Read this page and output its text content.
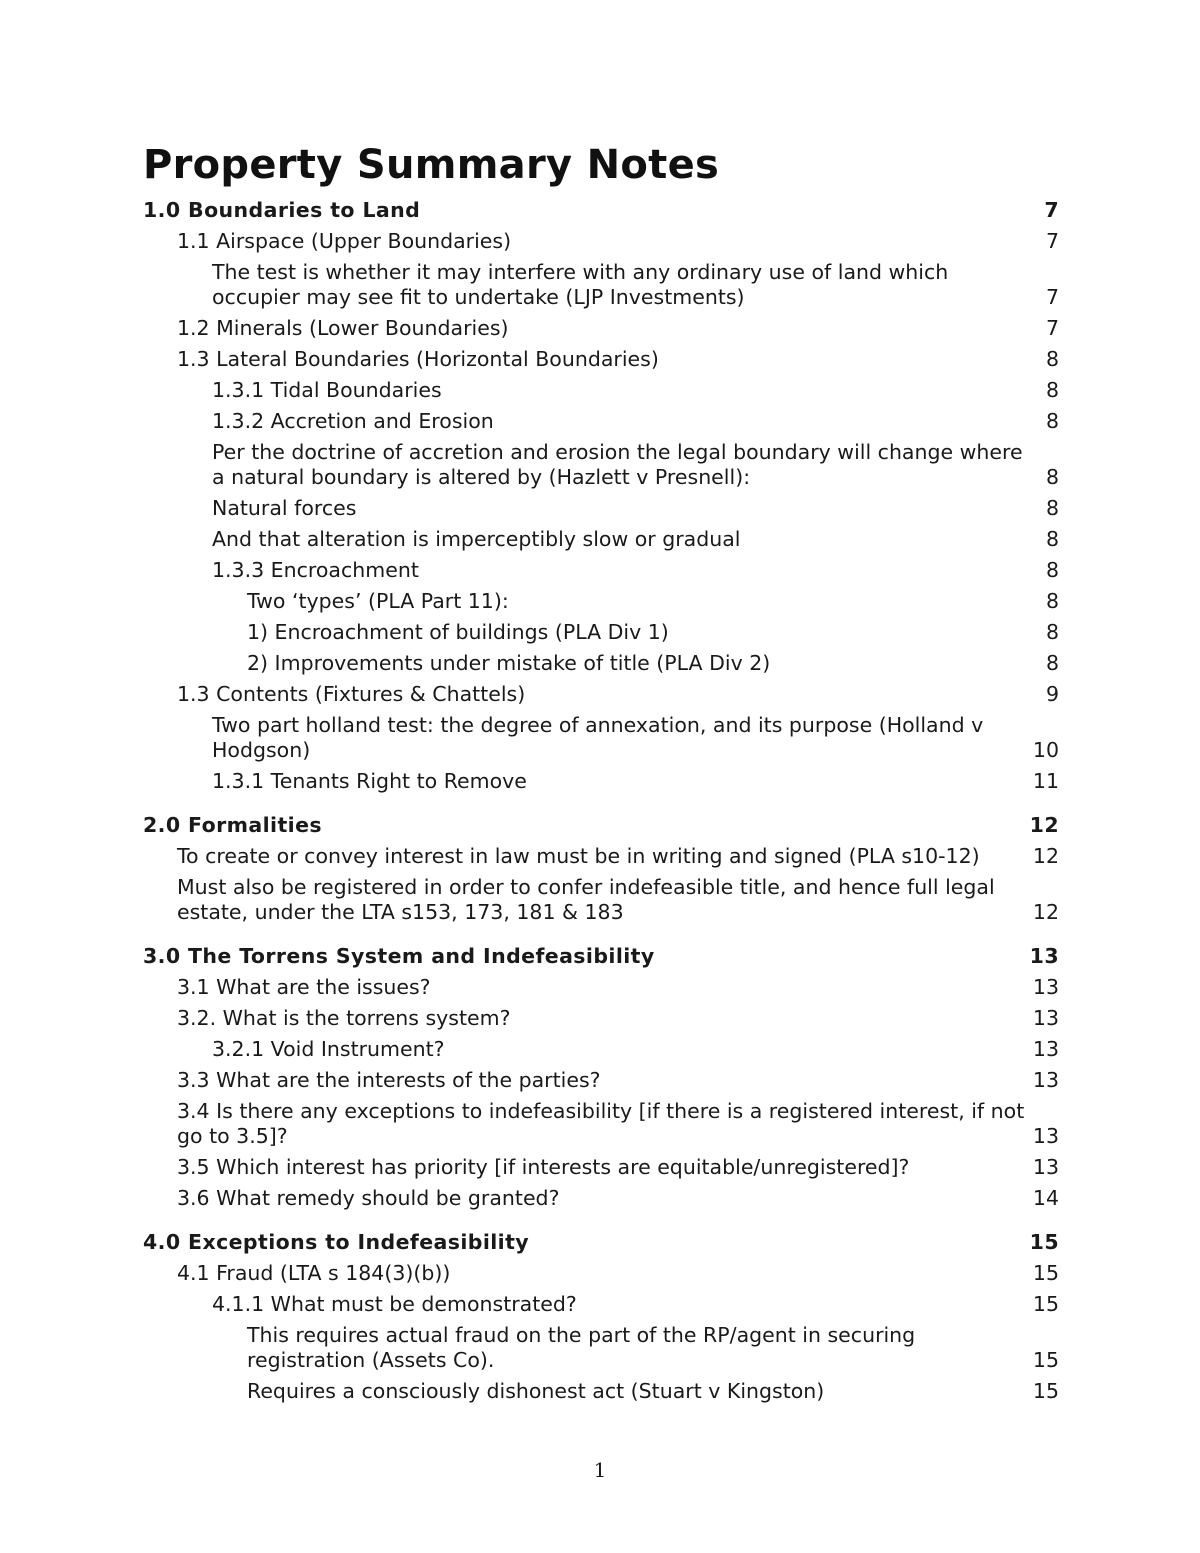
Property Summary Notes
1.0 Boundaries to Land	7
1.1 Airspace (Upper Boundaries)	7
The test is whether it may interfere with any ordinary use of land which occupier may see fit to undertake (LJP Investments)	7
1.2 Minerals (Lower Boundaries)	7
1.3 Lateral Boundaries (Horizontal Boundaries)	8
1.3.1 Tidal Boundaries	8
1.3.2 Accretion and Erosion	8
Per the doctrine of accretion and erosion the legal boundary will change where a natural boundary is altered by (Hazlett v Presnell):	8
Natural forces	8
And that alteration is imperceptibly slow or gradual	8
1.3.3 Encroachment	8
Two ‘types’ (PLA Part 11):	8
1) Encroachment of buildings (PLA Div 1)	8
2) Improvements under mistake of title (PLA Div 2)	8
1.3 Contents (Fixtures & Chattels)	9
Two part holland test: the degree of annexation, and its purpose (Holland v Hodgson)	10
1.3.1 Tenants Right to Remove	11
2.0 Formalities	12
To create or convey interest in law must be in writing and signed (PLA s10-12)	12
Must also be registered in order to confer indefeasible title, and hence full legal estate, under the LTA s153, 173, 181 & 183	12
3.0 The Torrens System and Indefeasibility	13
3.1 What are the issues?	13
3.2. What is the torrens system?	13
3.2.1 Void Instrument?	13
3.3 What are the interests of the parties?	13
3.4 Is there any exceptions to indefeasibility [if there is a registered interest, if not go to 3.5]?	13
3.5 Which interest has priority [if interests are equitable/unregistered]?	13
3.6 What remedy should be granted?	14
4.0 Exceptions to Indefeasibility	15
4.1 Fraud (LTA s 184(3)(b))	15
4.1.1 What must be demonstrated?	15
This requires actual fraud on the part of the RP/agent in securing registration (Assets Co).	15
Requires a consciously dishonest act (Stuart v Kingston)	15
1
